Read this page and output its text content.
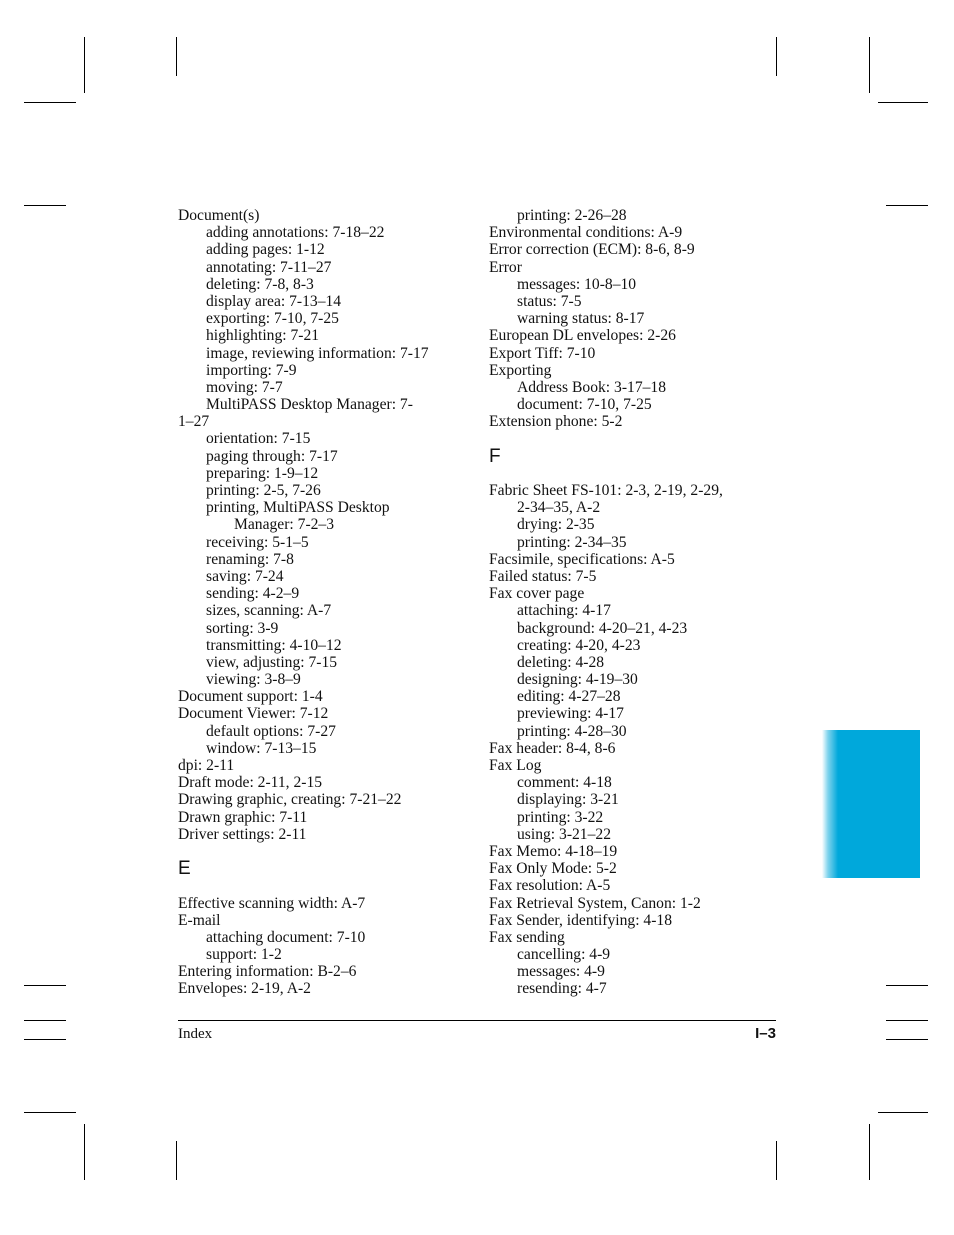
Document(s)
adding annotations: 7-18–22
adding pages: 1-12
annotating: 7-11–27
deleting: 7-8, 8-3
display area: 7-13–14
exporting: 7-10, 7-25
highlighting: 7-21
image, reviewing information: 7-17
importing: 7-9
moving: 7-7
MultiPASS Desktop Manager: 7-
1–27
orientation: 7-15
paging through: 7-17
preparing: 1-9–12
printing: 2-5, 7-26
printing, MultiPASS Desktop
Manager: 7-2–3
receiving: 5-1–5
renaming: 7-8
saving: 7-24
sending: 4-2–9
sizes, scanning: A-7
sorting: 3-9
transmitting: 4-10–12
view, adjusting: 7-15
viewing: 3-8–9
Document support: 1-4
Document Viewer: 7-12
default options: 7-27
window: 7-13–15
dpi: 2-11
Draft mode: 2-11, 2-15
Drawing graphic, creating: 7-21–22
Drawn graphic: 7-11
Driver settings: 2-11
E
Effective scanning width: A-7
E-mail
attaching document: 7-10
support: 1-2
Entering information: B-2–6
Envelopes: 2-19, A-2
printing: 2-26–28
Environmental conditions: A-9
Error correction (ECM): 8-6, 8-9
Error
messages: 10-8–10
status: 7-5
warning status: 8-17
European DL envelopes: 2-26
Export Tiff: 7-10
Exporting
Address Book: 3-17–18
document: 7-10, 7-25
Extension phone: 5-2
F
Fabric Sheet FS-101: 2-3, 2-19, 2-29,
2-34–35, A-2
drying: 2-35
printing: 2-34–35
Facsimile, specifications: A-5
Failed status: 7-5
Fax cover page
attaching: 4-17
background: 4-20–21, 4-23
creating: 4-20, 4-23
deleting: 4-28
designing: 4-19–30
editing: 4-27–28
previewing: 4-17
printing: 4-28–30
Fax header: 8-4, 8-6
Fax Log
comment: 4-18
displaying: 3-21
printing: 3-22
using: 3-21–22
Fax Memo: 4-18–19
Fax Only Mode: 5-2
Fax resolution: A-5
Fax Retrieval System, Canon: 1-2
Fax Sender, identifying: 4-18
Fax sending
cancelling: 4-9
messages: 4-9
resending: 4-7
Index	I–3
